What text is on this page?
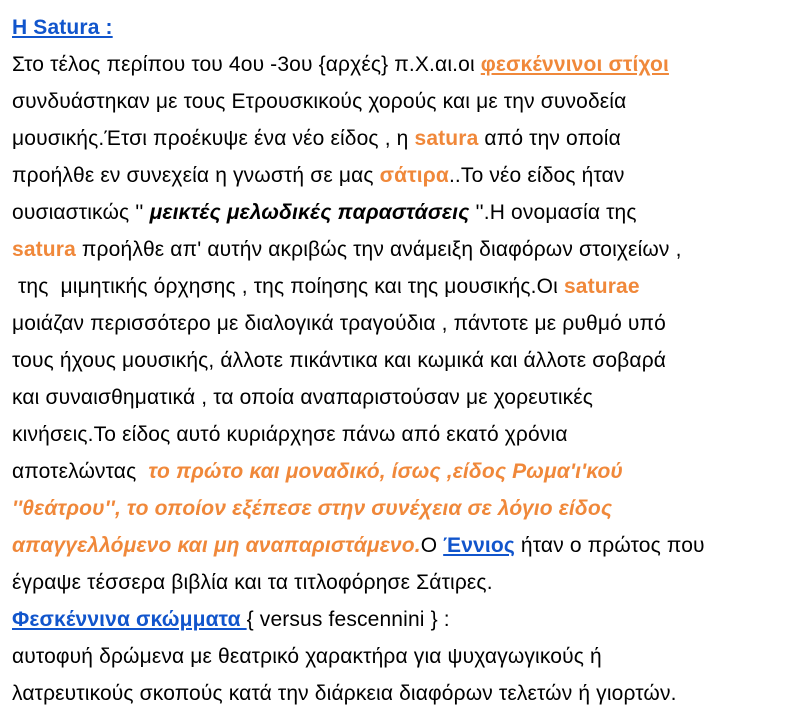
Η Satura :
Στο τέλος περίπου του 4ου -3ου {αρχές} π.Χ.αι.οι φεσκέννινοι στίχοι
συνδυάστηκαν με τους Ετρουσκικούς χορούς και με την συνοδεία
μουσικής.Έτσι προέκυψε ένα νέο είδος , η satura από την οποία
προήλθε εν συνεχεία η γνωστή σε μας σάτιρα..Το νέο είδος ήταν
ουσιαστικώς '' μεικτές μελωδικές παραστάσεις ''.Η ονομασία της
satura προήλθε απ' αυτήν ακριβώς την ανάμειξη διαφόρων στοιχείων ,
της  μιμητικής όρχησης , της ποίησης και της μουσικής.Οι saturae
μοιάζαν περισσότερο με διαλογικά τραγούδια , πάντοτε με ρυθμό υπό
τους ήχους μουσικής, άλλοτε πικάντικα και κωμικά και άλλοτε σοβαρά
και συναισθηματικά , τα οποία αναπαριστούσαν με χορευτικές
κινήσεις.Το είδος αυτό κυριάρχησε πάνω από εκατό χρόνια
αποτελώντας  το πρώτο και μοναδικό, ίσως ,είδος Ρωμα'ι'κού
''θεάτρου'', το οποίον εξέπεσε στην συνέχεια σε λόγιο είδος
απαγγελλόμενο και μη αναπαριστάμενο.Ο Έννιος ήταν ο πρώτος που
έγραψε τέσσερα βιβλία και τα τιτλοφόρησε Σάτιρες.
Φεσκέννινα σκώμματα { versus fescennini } :
αυτοφυή δρώμενα με θεατρικό χαρακτήρα για ψυχαγωγικούς ή
λατρευτικούς σκοπούς κατά την διάρκεια διαφόρων τελετών ή γιορτών.
